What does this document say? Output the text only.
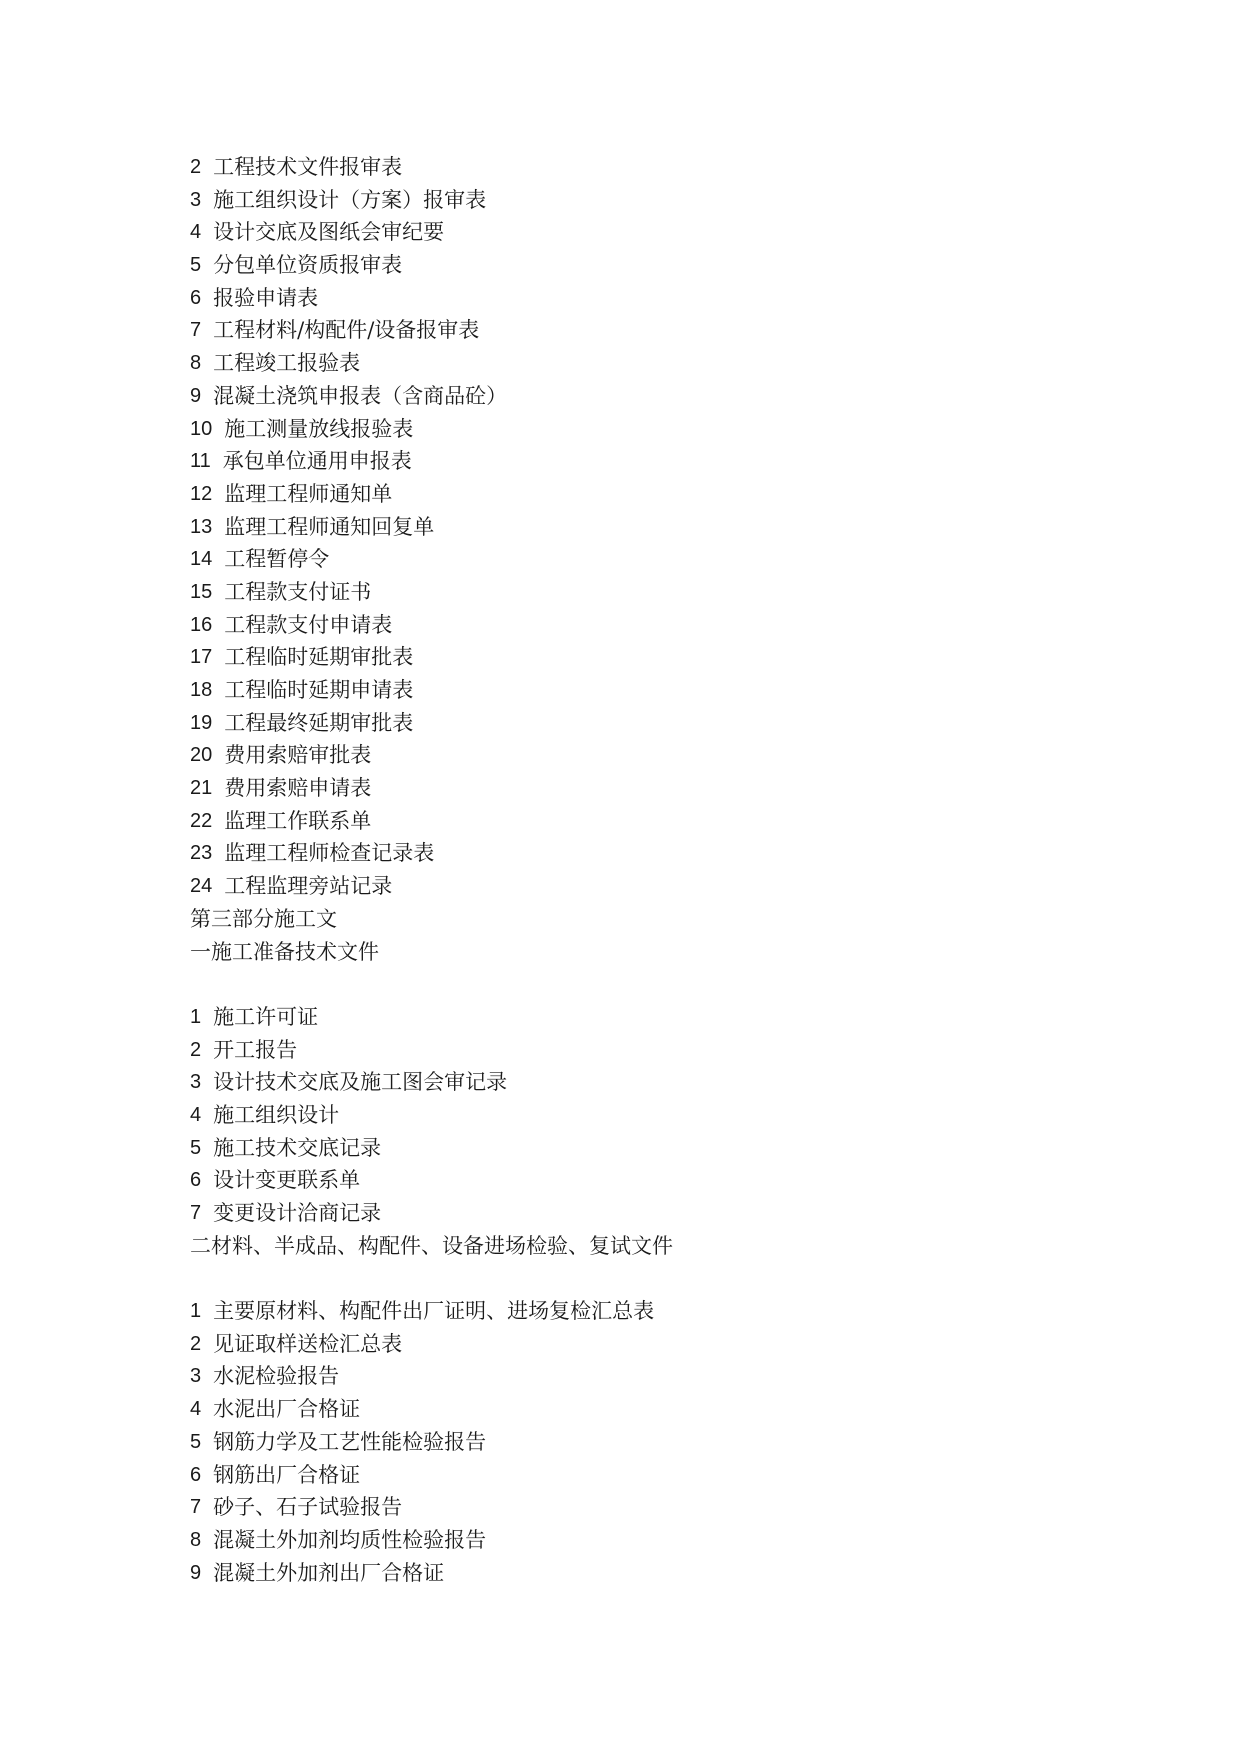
2 工程技术文件报审表
3 施工组织设计（方案）报审表
4 设计交底及图纸会审纪要
5 分包单位资质报审表
6 报验申请表
7 工程材料/构配件/设备报审表
8 工程竣工报验表
9 混凝土浇筑申报表（含商品砼）
10 施工测量放线报验表
11 承包单位通用申报表
12 监理工程师通知单
13 监理工程师通知回复单
14 工程暂停令
15 工程款支付证书
16 工程款支付申请表
17 工程临时延期审批表
18 工程临时延期申请表
19 工程最终延期审批表
20 费用索赔审批表
21 费用索赔申请表
22 监理工作联系单
23 监理工程师检查记录表
24 工程监理旁站记录
第三部分施工文
一施工准备技术文件
1 施工许可证
2 开工报告
3 设计技术交底及施工图会审记录
4 施工组织设计
5 施工技术交底记录
6 设计变更联系单
7 变更设计洽商记录
二材料、半成品、构配件、设备进场检验、复试文件
1 主要原材料、构配件出厂证明、进场复检汇总表
2 见证取样送检汇总表
3 水泥检验报告
4 水泥出厂合格证
5 钢筋力学及工艺性能检验报告
6 钢筋出厂合格证
7 砂子、石子试验报告
8 混凝土外加剂均质性检验报告
9 混凝土外加剂出厂合格证
